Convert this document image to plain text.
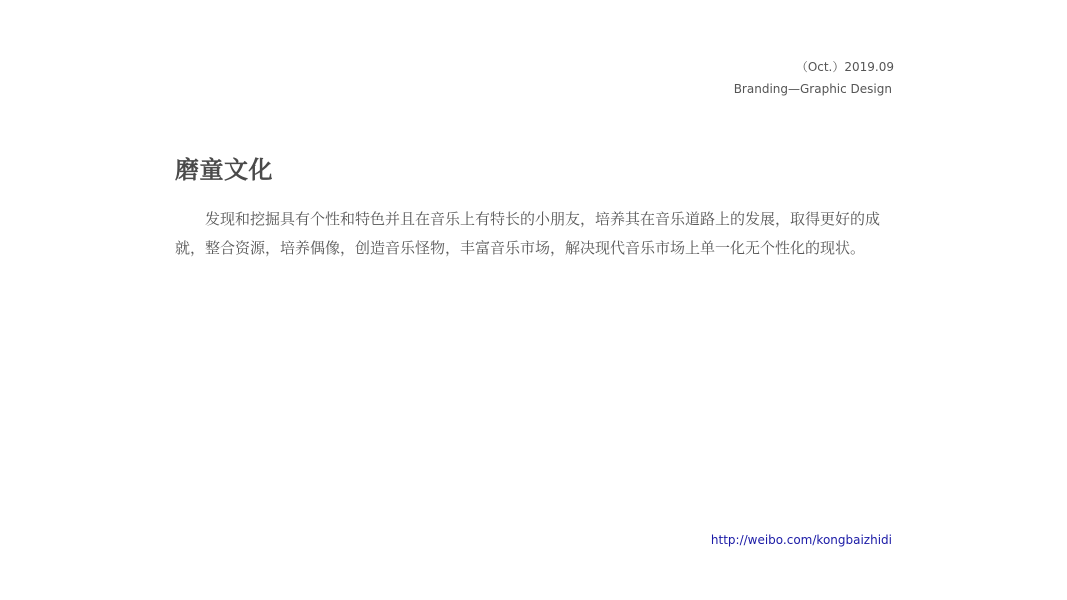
（Oct.）2019.09
Branding—Graphic Design
磨童文化

发现和挖掘具有个性和特色并且在音乐上有特长的小朋友，培养其在音乐道路上的发展，取得更好的成就，整合资源，培养偶像，创造音乐怪物，丰富音乐市场，解决现代音乐市场上单一化无个性化的现状。

http://weibo.com/kongbaizhidi
